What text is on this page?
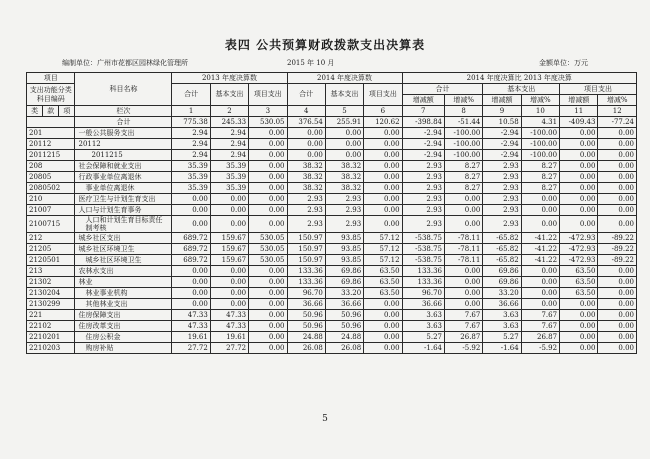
表四 公共预算财政拨款支出决算表
编制单位：广州市花都区园林绿化管理所	2015 年 10 月	金额单位：万元
项目			科目名称	2013 年度决算数			2014 年度决算数			2014 年度决算比 2013 年度决算					
支出功能分类科目编码				合计	基本支出	项目支出	合计	基本支出	项目支出	合计		基本支出		项目支出	
										增减额	增减%	增减额	增减%	增减额	增减%
类	款	项	栏次	1	2	3	4	5	6	7	8	9	10	11	12
			合计	775.38	245.33	530.05	376.54	255.91	120.62	-398.84	-51.44	10.58	4.31	-409.43	-77.24
201			一般公共服务支出	2.94	2.94	0.00	0.00	0.00	0.00	-2.94	-100.00	-2.94	-100.00	0.00	0.00
20112			20112	2.94	2.94	0.00	0.00	0.00	0.00	-2.94	-100.00	-2.94	-100.00	0.00	0.00
2011215			2011215	2.94	2.94	0.00	0.00	0.00	0.00	-2.94	-100.00	-2.94	-100.00	0.00	0.00
208			社会保障和就业支出	35.39	35.39	0.00	38.32	38.32	0.00	2.93	8.27	2.93	8.27	0.00	0.00
20805			行政事业单位离退休	35.39	35.39	0.00	38.32	38.32	0.00	2.93	8.27	2.93	8.27	0.00	0.00
2080502			事业单位离退休	35.39	35.39	0.00	38.32	38.32	0.00	2.93	8.27	2.93	8.27	0.00	0.00
210			医疗卫生与计划生育支出	0.00	0.00	0.00	2.93	2.93	0.00	2.93	0.00	2.93	0.00	0.00	0.00
21007			人口与计划生育事务	0.00	0.00	0.00	2.93	2.93	0.00	2.93	0.00	2.93	0.00	0.00	0.00
2100715			人口和计划生育目标责任制考核	0.00	0.00	0.00	2.93	2.93	0.00	2.93	0.00	2.93	0.00	0.00	0.00
212			城乡社区支出	689.72	159.67	530.05	150.97	93.85	57.12	-538.75	-78.11	-65.82	-41.22	-472.93	-89.22
21205			城乡社区环境卫生	689.72	159.67	530.05	150.97	93.85	57.12	-538.75	-78.11	-65.82	-41.22	-472.93	-89.22
2120501			城乡社区环境卫生	689.72	159.67	530.05	150.97	93.85	57.12	-538.75	-78.11	-65.82	-41.22	-472.93	-89.22
213			农林水支出	0.00	0.00	0.00	133.36	69.86	63.50	133.36	0.00	69.86	0.00	63.50	0.00
21302			林业	0.00	0.00	0.00	133.36	69.86	63.50	133.36	0.00	69.86	0.00	63.50	0.00
2130204			林业事业机构	0.00	0.00	0.00	96.70	33.20	63.50	96.70	0.00	33.20	0.00	63.50	0.00
2130299			其他林业支出	0.00	0.00	0.00	36.66	36.66	0.00	36.66	0.00	36.66	0.00	0.00	0.00
221			住房保障支出	47.33	47.33	0.00	50.96	50.96	0.00	3.63	7.67	3.63	7.67	0.00	0.00
22102			住房改革支出	47.33	47.33	0.00	50.96	50.96	0.00	3.63	7.67	3.63	7.67	0.00	0.00
2210201			住房公积金	19.61	19.61	0.00	24.88	24.88	0.00	5.27	26.87	5.27	26.87	0.00	0.00
2210203			购房补贴	27.72	27.72	0.00	26.08	26.08	0.00	-1.64	-5.92	-1.64	-5.92	0.00	0.00
5
